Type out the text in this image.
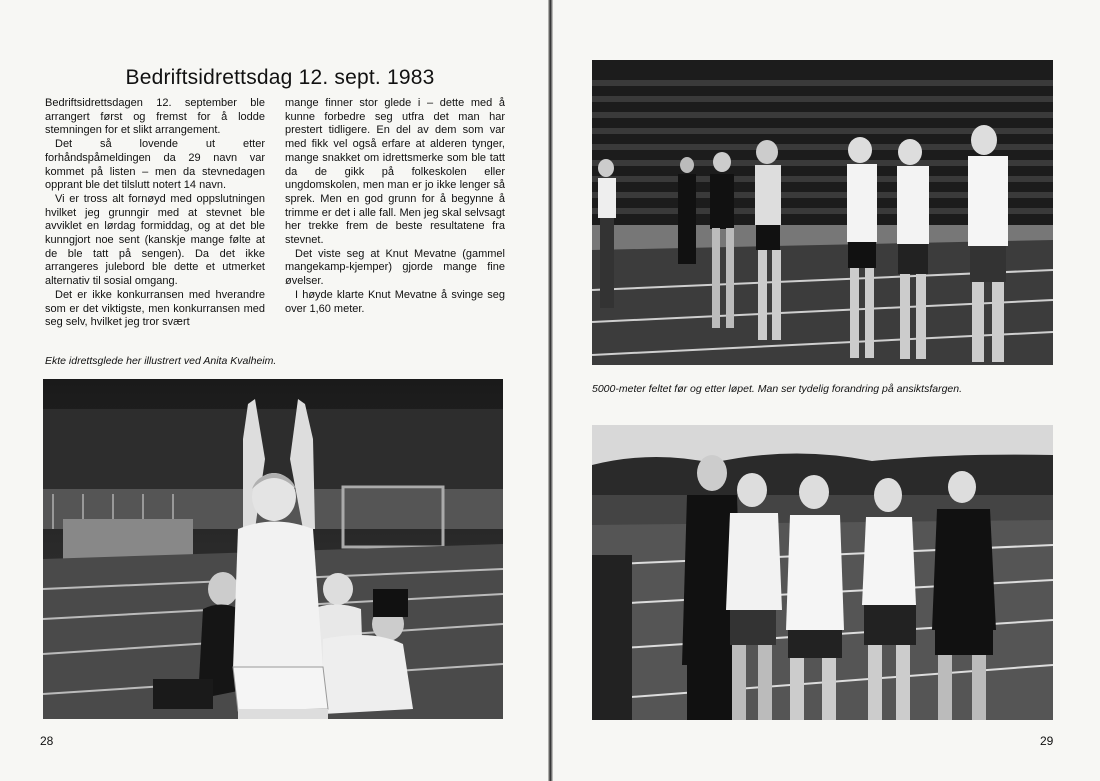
Bedriftsidrettsdag 12. sept. 1983

Bedriftsidrettsdagen 12. september ble arrangert først og fremst for å lodde stemningen for et slikt arrangement.

Det så lovende ut etter forhåndspåmeldingen da 29 navn var kommet på listen – men da stevnedagen opprant ble det tilslutt notert 14 navn.

Vi er tross alt fornøyd med oppslutningen hvilket jeg grunngir med at stevnet ble avviklet en lørdag formiddag, og at det ble kunngjort noe sent (kanskje mange følte at de ble tatt på sengen). Da det ikke arrangeres julebord ble dette et utmerket alternativ til sosial omgang.

Det er ikke konkurransen med hverandre som er det viktigste, men konkurransen med seg selv, hvilket jeg tror svært

mange finner stor glede i – dette med å kunne forbedre seg utfra det man har prestert tidligere. En del av dem som var med fikk vel også erfare at alderen tynger, mange snakket om idrettsmerke som ble tatt da de gikk på folkeskolen eller ungdomskolen, men man er jo ikke lenger så sprek. Men en god grunn for å begynne å trimme er det i alle fall. Men jeg skal selvsagt her trekke frem de beste resultatene fra stevnet.

Det viste seg at Knut Mevatne (gammel mangekamp-kjemper) gjorde mange fine øvelser.

I høyde klarte Knut Mevatne å svinge seg over 1,60 meter.

Ekte idrettsglede her illustrert ved Anita Kvalheim.
28
5000-meter feltet før og etter løpet. Man ser tydelig forandring på ansiktsfargen.
29
